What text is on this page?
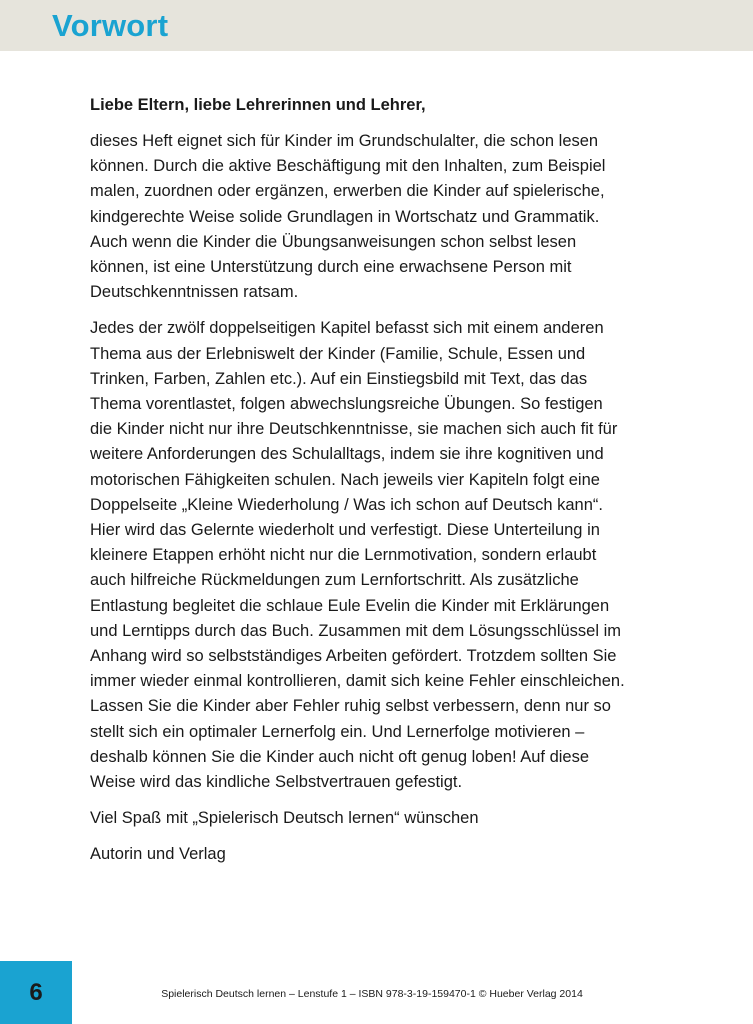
Vorwort

Liebe Eltern, liebe Lehrerinnen und Lehrer,

dieses Heft eignet sich für Kinder im Grundschulalter, die schon lesen
können. Durch die aktive Beschäftigung mit den Inhalten, zum Beispiel
malen, zuordnen oder ergänzen, erwerben die Kinder auf spielerische,
kindgerechte Weise solide Grundlagen in Wortschatz und Grammatik.
Auch wenn die Kinder die Übungsanweisungen schon selbst lesen
können, ist eine Unterstützung durch eine erwachsene Person mit
Deutschkenntnissen ratsam.

Jedes der zwölf doppelseitigen Kapitel befasst sich mit einem anderen
Thema aus der Erlebniswelt der Kinder (Familie, Schule, Essen und
Trinken, Farben, Zahlen etc.). Auf ein Einstiegsbild mit Text, das das
Thema vorentlastet, folgen abwechslungsreiche Übungen. So festigen
die Kinder nicht nur ihre Deutschkenntnisse, sie machen sich auch fit für
weitere Anforderungen des Schulalltags, indem sie ihre kognitiven und
motorischen Fähigkeiten schulen. Nach jeweils vier Kapiteln folgt eine
Doppelseite „Kleine Wiederholung / Was ich schon auf Deutsch kann“.
Hier wird das Gelernte wiederholt und verfestigt. Diese Unterteilung in
kleinere Etappen erhöht nicht nur die Lernmotivation, sondern erlaubt
auch hilfreiche Rückmeldungen zum Lernfortschritt. Als zusätzliche
Entlastung begleitet die schlaue Eule Evelin die Kinder mit Erklärungen
und Lerntipps durch das Buch. Zusammen mit dem Lösungsschlüssel im
Anhang wird so selbstständiges Arbeiten gefördert. Trotzdem sollten Sie
immer wieder einmal kontrollieren, damit sich keine Fehler einschleichen.
Lassen Sie die Kinder aber Fehler ruhig selbst verbessern, denn nur so
stellt sich ein optimaler Lernerfolg ein. Und Lernerfolge motivieren –
deshalb können Sie die Kinder auch nicht oft genug loben! Auf diese
Weise wird das kindliche Selbstvertrauen gefestigt.

Viel Spaß mit „Spielerisch Deutsch lernen“ wünschen

Autorin und Verlag

6	Spielerisch Deutsch lernen – Lenstufe 1 – ISBN 978-3-19-159470-1 © Hueber Verlag 2014
